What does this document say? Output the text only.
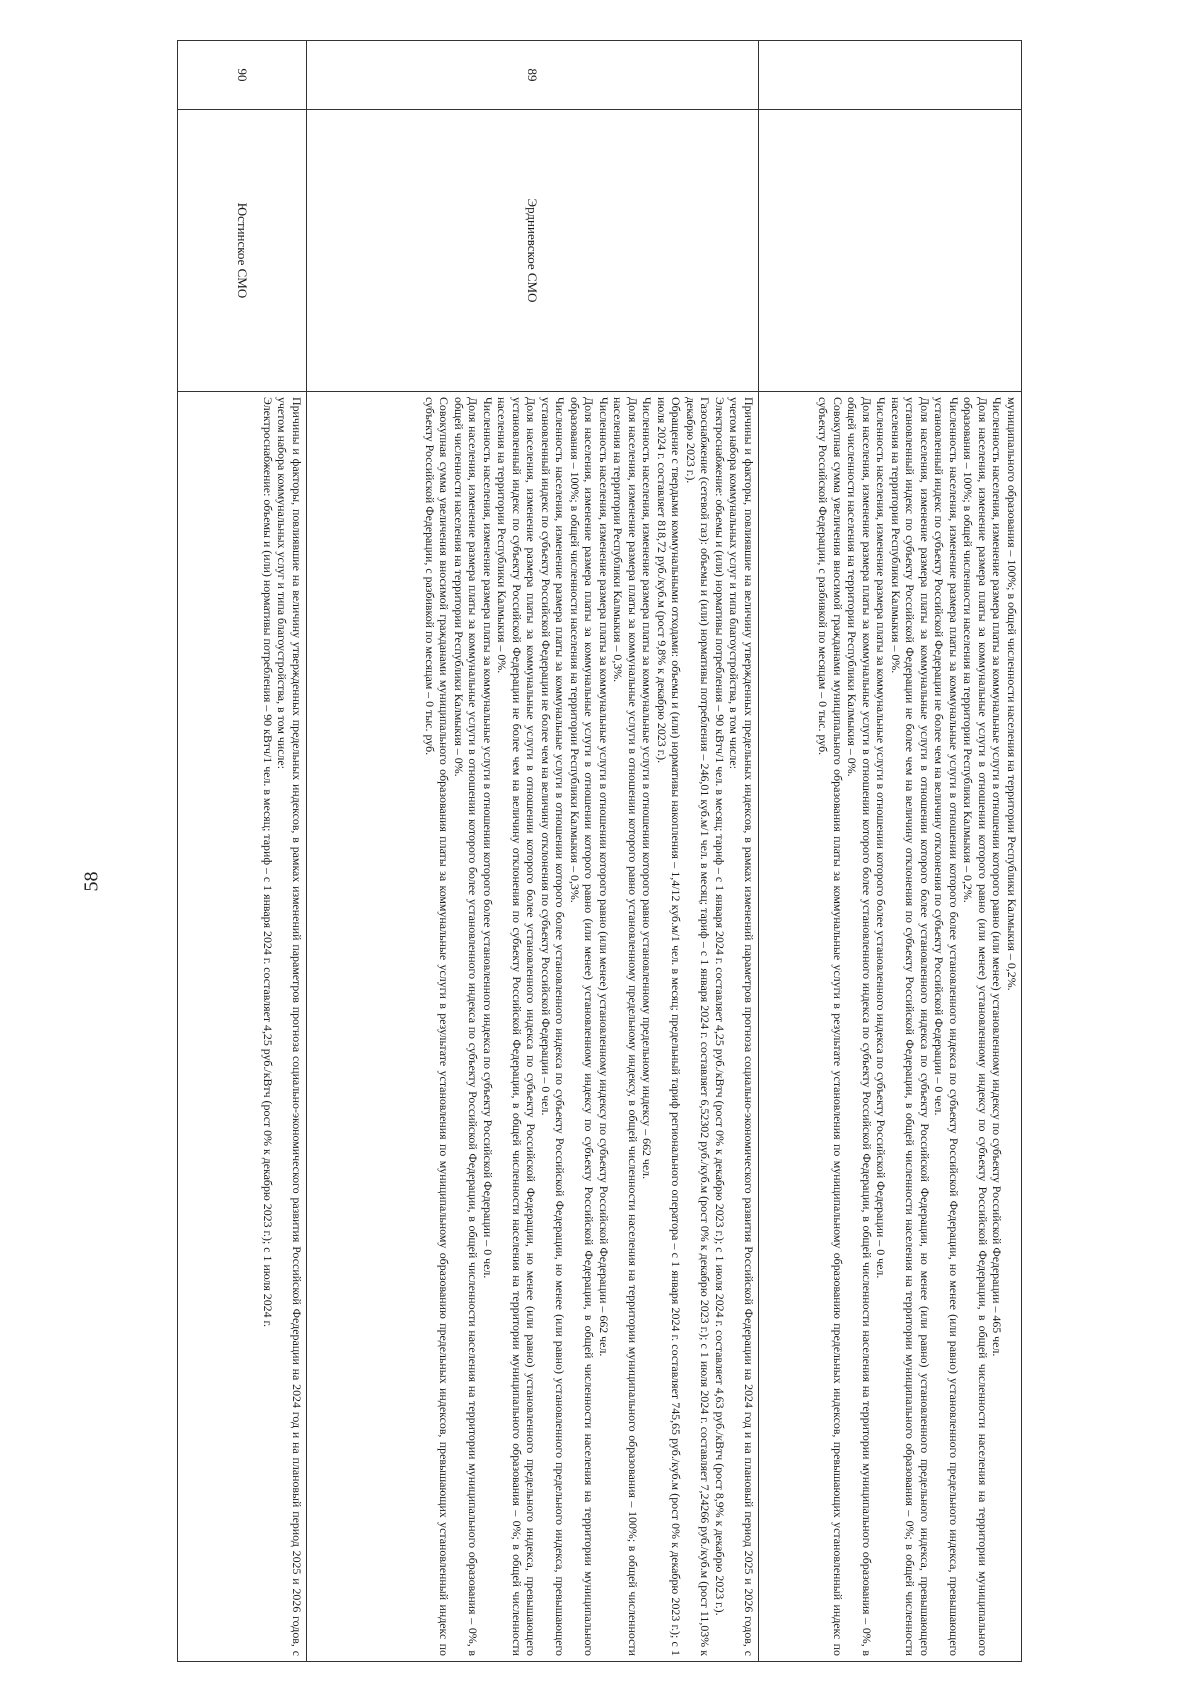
58	муниципального образования – 100%; в общей численности населения на территории Республики Калмыкия – 0,2%.
Численность населения, изменение размера платы за коммунальные услуги в отношении которого равно (или менее) установленному индексу по субъекту Российской Федерации – 465 чел.
Доля населения, изменение размера платы за коммунальные услуги в отношении которого равно (или менее) установленному индексу по субъекту Российской Федерации, в общей численности населения на территории муниципального образования – 100%; в общей численности населения на территории Республики Калмыкия – 0,2%.
Численность населения, изменение размера платы за коммунальные услуги в отношении которого более установленного индекса по субъекту Российской Федерации, но менее (или равно) установленного предельного индекса, превышающего установленный индекс по субъекту Российской Федерации не более чем на величину отклонения по субъекту Российской Федерации – 0 чел.
Доля населения, изменение размера платы за коммунальные услуги в отношении которого более установленного индекса по субъекту Российской Федерации, но менее (или равно) установленного предельного индекса, превышающего установленный индекс по субъекту Российской Федерации не более чем на величину отклонения по субъекту Российской Федерации, в общей численности населения на территории муниципального образования – 0%; в общей численности населения на территории Республики Калмыкия – 0%.
Численность населения, изменение размера платы за коммунальные услуги в отношении которого более установленного индекса по субъекту Российской Федерации – 0 чел.
Доля населения, изменение размера платы за коммунальные услуги в отношении которого более установленного индекса по субъекту Российской Федерации, в общей численности населения на территории муниципального образования – 0%, в общей численности населения на территории Республики Калмыкия – 0%.
Совокупная сумма увеличения вносимой гражданами муниципального образования платы за коммунальные услуги в результате установления по муниципальному образованию предельных индексов, превышающих установленный индекс по субъекту Российской Федерации, с разбивкой по месяцам – 0 тыс. руб.
89
Эрдниевское СМО
Причины и факторы, повлиявшие на величину утвержденных предельных индексов, в рамках изменений параметров прогноза социально-экономического развития Российской Федерации на 2024 год и на плановый период 2025 и 2026 годов, с учетом набора коммунальных услуг и типа благоустройства, в том числе:
Электроснабжение: объемы и (или) нормативы потребления – 90 кВтч/1 чел. в месяц; тариф – с 1 января 2024 г. составляет 4,25 руб./кВтч (рост 0% к декабрю 2023 г.); с 1 июля 2024 г. составляет 4,63 руб./кВтч (рост 8,9% к декабрю 2023 г.).
Газоснабжение (сетевой газ): объемы и (или) нормативы потребления – 246,01 куб.м/1 чел. в месяц; тариф – с 1 января 2024 г. составляет 6,52302 руб./куб.м (рост 0% к декабрю 2023 г.); с 1 июля 2024 г. составляет 7,24266 руб./куб.м (рост 11,03% к декабрю 2023 г.).
Обращение с твердыми коммунальными отходами: объемы и (или) нормативы накопления – 1,4/12 куб.м/1 чел. в месяц; предельный тариф регионального оператора – с 1 января 2024 г. составляет 745,65 руб./куб.м (рост 0% к декабрю 2023 г.); с 1 июля 2024 г. составляет 818,72 руб./куб.м (рост 9,8% к декабрю 2023 г.).
Численность населения, изменение размера платы за коммунальные услуги в отношении которого равно установленному предельному индексу – 662 чел.
Доля населения, изменение размера платы за коммунальные услуги в отношении которого равно установленному предельному индексу, в общей численности населения на территории муниципального образования – 100%; в общей численности населения на территории Республики Калмыкия – 0,3%.
Численность населения, изменение размера платы за коммунальные услуги в отношении которого равно (или менее) установленному индексу по субъекту Российской Федерации – 662 чел.
Доля населения, изменение размера платы за коммунальные услуги в отношении которого равно (или менее) установленному индексу по субъекту Российской Федерации, в общей численности населения на территории муниципального образования – 100%; в общей численности населения на территории Республики Калмыкия – 0,3%.
Численность населения, изменение размера платы за коммунальные услуги в отношении которого более установленного индекса по субъекту Российской Федерации, но менее (или равно) установленного предельного индекса, превышающего установленный индекс по субъекту Российской Федерации не более чем на величину отклонения по субъекту Российской Федерации – 0 чел.
Доля населения, изменение размера платы за коммунальные услуги в отношении которого более установленного индекса по субъекту Российской Федерации, но менее (или равно) установленного предельного индекса, превышающего установленный индекс по субъекту Российской Федерации не более чем на величину отклонения по субъекту Российской Федерации, в общей численности населения на территории муниципального образования – 0%; в общей численности населения на территории Республики Калмыкия – 0%.
Численность населения, изменение размера платы за коммунальные услуги в отношении которого более установленного индекса по субъекту Российской Федерации – 0 чел.
Доля населения, изменение размера платы за коммунальные услуги в отношении которого более установленного индекса по субъекту Российской Федерации, в общей численности населения на территории муниципального образования – 0%, в общей численности населения на территории Республики Калмыкия – 0%.
Совокупная сумма увеличения вносимой гражданами муниципального образования платы за коммунальные услуги в результате установления по муниципальному образованию предельных индексов, превышающих установленный индекс по субъекту Российской Федерации, с разбивкой по месяцам – 0 тыс. руб.
90
Юстинское СМО
Причины и факторы, повлиявшие на величину утвержденных предельных индексов, в рамках изменений параметров прогноза социально-экономического развития Российской Федерации на 2024 год и на плановый период 2025 и 2026 годов, с учетом набора коммунальных услуг и типа благоустройства, в том числе:
Электроснабжение: объемы и (или) нормативы потребления – 90 кВтч/1 чел. в месяц; тариф – с 1 января 2024 г. составляет 4,25 руб./кВтч (рост 0% к декабрю 2023 г.); с 1 июля 2024 г.
